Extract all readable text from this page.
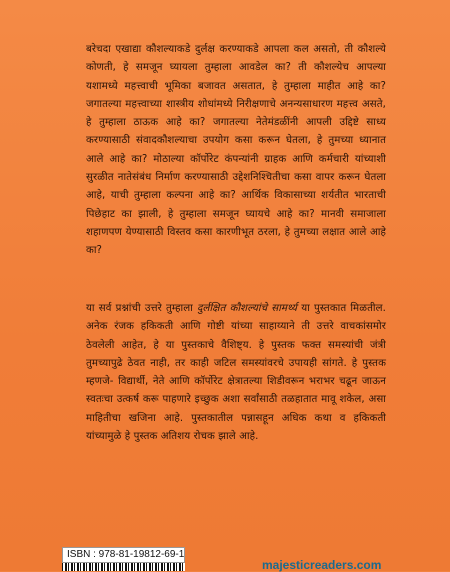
बरेचदा एखाद्या कौशल्याकडे दुर्लक्ष करण्याकडे आपला कल असतो, ती कौशल्ये कोणती, हे समजून घ्यायला तुम्हाला आवडेल का? ती कौशल्येच आपल्या यशामध्ये महत्त्वाची भूमिका बजावत असतात, हे तुम्हाला माहीत आहे का? जगातल्या महत्त्वाच्या शास्त्रीय शोधांमध्ये निरीक्षणाचे अनन्यसाधारण महत्त्व असते, हे तुम्हाला ठाऊक आहे का? जगातल्या नेतेमंडळींनी आपली उद्दिष्टे साध्य करण्यासाठी संवादकौशल्याचा उपयोग कसा करून घेतला, हे तुमच्या ध्यानात आले आहे का? मोठाल्या कॉर्पोरेट कंपन्यांनी ग्राहक आणि कर्मचारी यांच्याशी सुरळीत नातेसंबंध निर्माण करण्यासाठी उद्देशनिश्चितीचा कसा वापर करून घेतला आहे, याची तुम्हाला कल्पना आहे का? आर्थिक विकासाच्या शर्यतीत भारताची पिछेहाट का झाली, हे तुम्हाला समजून घ्यायचे आहे का? मानवी समाजाला शहाणपण येण्यासाठी विस्तव कसा कारणीभूत ठरला, हे तुमच्या लक्षात आले आहे का?

या सर्व प्रश्नांची उत्तरे तुम्हाला दुर्लक्षित कौशल्यांचे सामर्थ्य या पुस्तकात मिळतील. अनेक रंजक हकिकती आणि गोष्टी यांच्या साहाय्याने ती उत्तरे वाचकांसमोर ठेवलेली आहेत, हे या पुस्तकाचे वैशिष्ट्य. हे पुस्तक फक्त समस्यांची जंत्री तुमच्यापुढे ठेवत नाही, तर काही जटिल समस्यांवरचे उपायही सांगते. हे पुस्तक म्हणजे- विद्यार्थी, नेते आणि कॉर्पोरेट क्षेत्रातल्या शिडीवरून भराभर चढून जाऊन स्वतःचा उत्कर्ष करू पाहणारे इच्छुक अशा सर्वांसाठी तळहातात मावू शकेल, असा माहितीचा खजिना आहे. पुस्तकातील पन्नासहून अधिक कथा व हकिकती यांच्यामुळे हे पुस्तक अतिशय रोचक झाले आहे.

ISBN : 978-81-19812-69-1
majesticreaders.com
